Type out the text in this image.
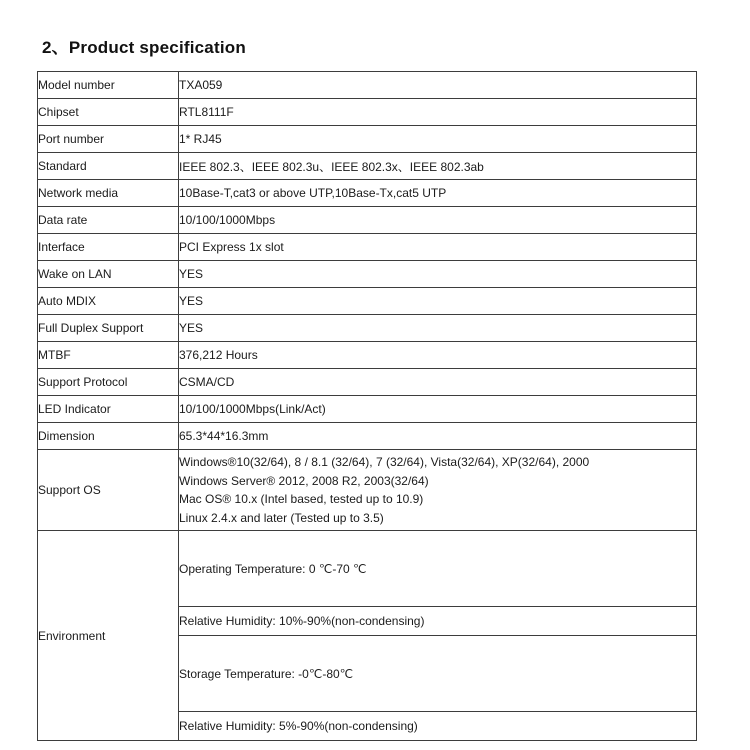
2、Product specification
Model number	TXA059
Chipset	RTL8111F
Port number	1* RJ45
Standard	IEEE 802.3、IEEE 802.3u、IEEE 802.3x、IEEE 802.3ab
Network media	10Base-T,cat3 or above UTP,10Base-Tx,cat5 UTP
Data rate	10/100/1000Mbps
Interface	PCI Express 1x slot
Wake on LAN	YES
Auto MDIX	YES
Full Duplex Support	YES
MTBF	376,212 Hours
Support Protocol	CSMA/CD
LED Indicator	10/100/1000Mbps(Link/Act)
Dimension	65.3*44*16.3mm
Support OS	Windows®10(32/64), 8 / 8.1 (32/64), 7 (32/64), Vista(32/64), XP(32/64), 2000
Windows Server® 2012, 2008 R2, 2003(32/64)
Mac OS® 10.x (Intel based, tested up to 10.9)
Linux 2.4.x and later (Tested up to 3.5)

Environment	Operating Temperature: 0 ℃-70 ℃
	Relative Humidity: 10%-90%(non-condensing)
	Storage Temperature: -0℃-80℃
	Relative Humidity: 5%-90%(non-condensing)
